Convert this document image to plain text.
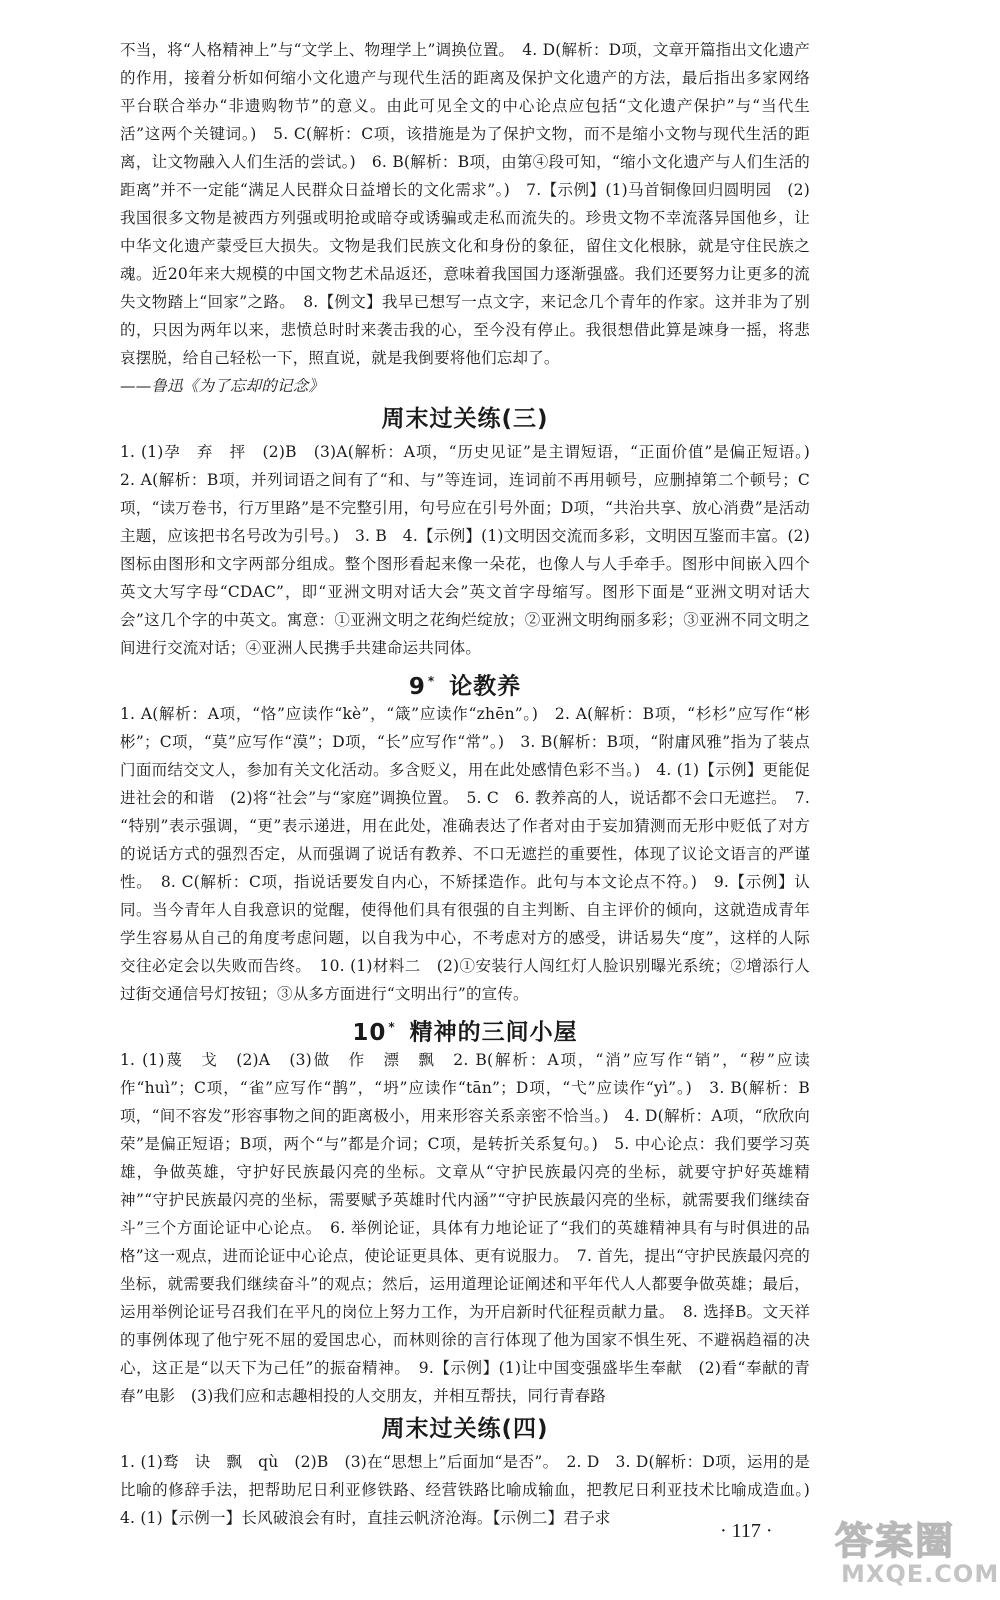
不当，将“人格精神上”与“文学上、物理学上”调换位置。　4. D(解析：D项，文章开篇指出文化遗产的作用，接着分析如何缩小文化遗产与现代生活的距离及保护文化遗产的方法，最后指出多家网络平台联合举办“非遗购物节”的意义。由此可见全文的中心论点应包括“文化遗产保护”与“当代生活”这两个关键词。)　5. C(解析：C项，该措施是为了保护文物，而不是缩小文物与现代生活的距离，让文物融入人们生活的尝试。)　6. B(解析：B项，由第④段可知，“缩小文化遗产与人们生活的距离”并不一定能“满足人民群众日益增长的文化需求”。)　7.【示例】(1)马首铜像回归圆明园　(2)我国很多文物是被西方列强或明抢或暗夺或诱骗或走私而流失的。珍贵文物不幸流落异国他乡，让中华文化遗产蒙受巨大损失。文物是我们民族文化和身份的象征，留住文化根脉，就是守住民族之魂。近20年来大规模的中国文物艺术品返还，意味着我国国力逐渐强盛。我们还要努力让更多的流失文物踏上“回家”之路。　8.【例文】我早已想写一点文字，来记念几个青年的作家。这并非为了别的，只因为两年以来，悲愤总时时来袭击我的心，至今没有停止。我很想借此算是竦身一摇，将悲哀摆脱，给自己轻松一下，照直说，就是我倒要将他们忘却了。

——鲁迅《为了忘却的记念》

周末过关练(三)

1. (1)孕　弃　抨　(2)B　(3)A(解析：A项，“历史见证”是主谓短语，“正面价值”是偏正短语。)　2. A(解析：B项，并列词语之间有了“和、与”等连词，连词前不再用顿号，应删掉第二个顿号；C项，“读万卷书，行万里路”是不完整引用，句号应在引号外面；D项，“共治共享、放心消费”是活动主题，应该把书名号改为引号。)　3. B　4.【示例】(1)文明因交流而多彩，文明因互鉴而丰富。(2)图标由图形和文字两部分组成。整个图形看起来像一朵花，也像人与人手牵手。图形中间嵌入四个英文大写字母“CDAC”，即“亚洲文明对话大会”英文首字母缩写。图形下面是“亚洲文明对话大会”这几个字的中英文。寓意：①亚洲文明之花绚烂绽放；②亚洲文明绚丽多彩；③亚洲不同文明之间进行交流对话；④亚洲人民携手共建命运共同体。

9 * 论教养

1. A(解析：A项，“恪”应读作“kè”，“箴”应读作“zhēn”。)　2. A(解析：B项，“杉杉”应写作“彬彬”；C项，“莫”应写作“漠”；D项，“长”应写作“常”。)　3. B(解析：B项，“附庸风雅”指为了装点门面而结交文人，参加有关文化活动。多含贬义，用在此处感情色彩不当。)　4. (1)【示例】更能促进社会的和谐　(2)将“社会”与“家庭”调换位置。　5. C　6. 教养高的人，说话都不会口无遮拦。　7. “特别”表示强调，“更”表示递进，用在此处，准确表达了作者对由于妄加猜测而无形中贬低了对方的说话方式的强烈否定，从而强调了说话有教养、不口无遮拦的重要性，体现了议论文语言的严谨性。　8. C(解析：C项，指说话要发自内心，不矫揉造作。此句与本文论点不符。)　9.【示例】认同。当今青年人自我意识的觉醒，使得他们具有很强的自主判断、自主评价的倾向，这就造成青年学生容易从自己的角度考虑问题，以自我为中心，不考虑对方的感受，讲话易失“度”，这样的人际交往必定会以失败而告终。　10. (1)材料二　(2)①安装行人闯红灯人脸识别曝光系统；②增添行人过街交通信号灯按钮；③从多方面进行“文明出行”的宣传。

10 * 精神的三间小屋

1. (1)蔑　戈　(2)A　(3)做　作　漂　飘　2. B(解析：A项，“消”应写作“销”，“秽”应读作“huì”；C项，“雀”应写作“鹊”，“坍”应读作“tān”；D项，“弋”应读作“yì”。)　3. B(解析：B项，“间不容发”形容事物之间的距离极小，用来形容关系亲密不恰当。)　4. D(解析：A项，“欣欣向荣”是偏正短语；B项，两个“与”都是介词；C项，是转折关系复句。)　5. 中心论点：我们要学习英雄，争做英雄，守护好民族最闪亮的坐标。文章从“守护民族最闪亮的坐标，就要守护好英雄精神”“守护民族最闪亮的坐标，需要赋予英雄时代内涵”“守护民族最闪亮的坐标，就需要我们继续奋斗”三个方面论证中心论点。　6. 举例论证，具体有力地论证了“我们的英雄精神具有与时俱进的品格”这一观点，进而论证中心论点，使论证更具体、更有说服力。　7. 首先，提出“守护民族最闪亮的坐标，就需要我们继续奋斗”的观点；然后，运用道理论证阐述和平年代人人都要争做英雄；最后，运用举例论证号召我们在平凡的岗位上努力工作，为开启新时代征程贡献力量。　8. 选择B。文天祥的事例体现了他宁死不屈的爱国忠心，而林则徐的言行体现了他为国家不惧生死、不避祸趋福的决心，这正是“以天下为己任”的振奋精神。　9.【示例】(1)让中国变强盛毕生奉献　(2)看“奉献的青春”电影　(3)我们应和志趣相投的人交朋友，并相互帮扶，同行青春路

周末过关练(四)

1. (1)骛　诀　飘　qù　(2)B　(3)在“思想上”后面加“是否”。　2. D　3. D(解析：D项，运用的是比喻的修辞手法，把帮助尼日利亚修铁路、经营铁路比喻成输血，把教尼日利亚技术比喻成造血。)　4. (1)【示例一】长风破浪会有时，直挂云帆济沧海。【示例二】君子求

· 117 · 答案圈
MXQE.COM
